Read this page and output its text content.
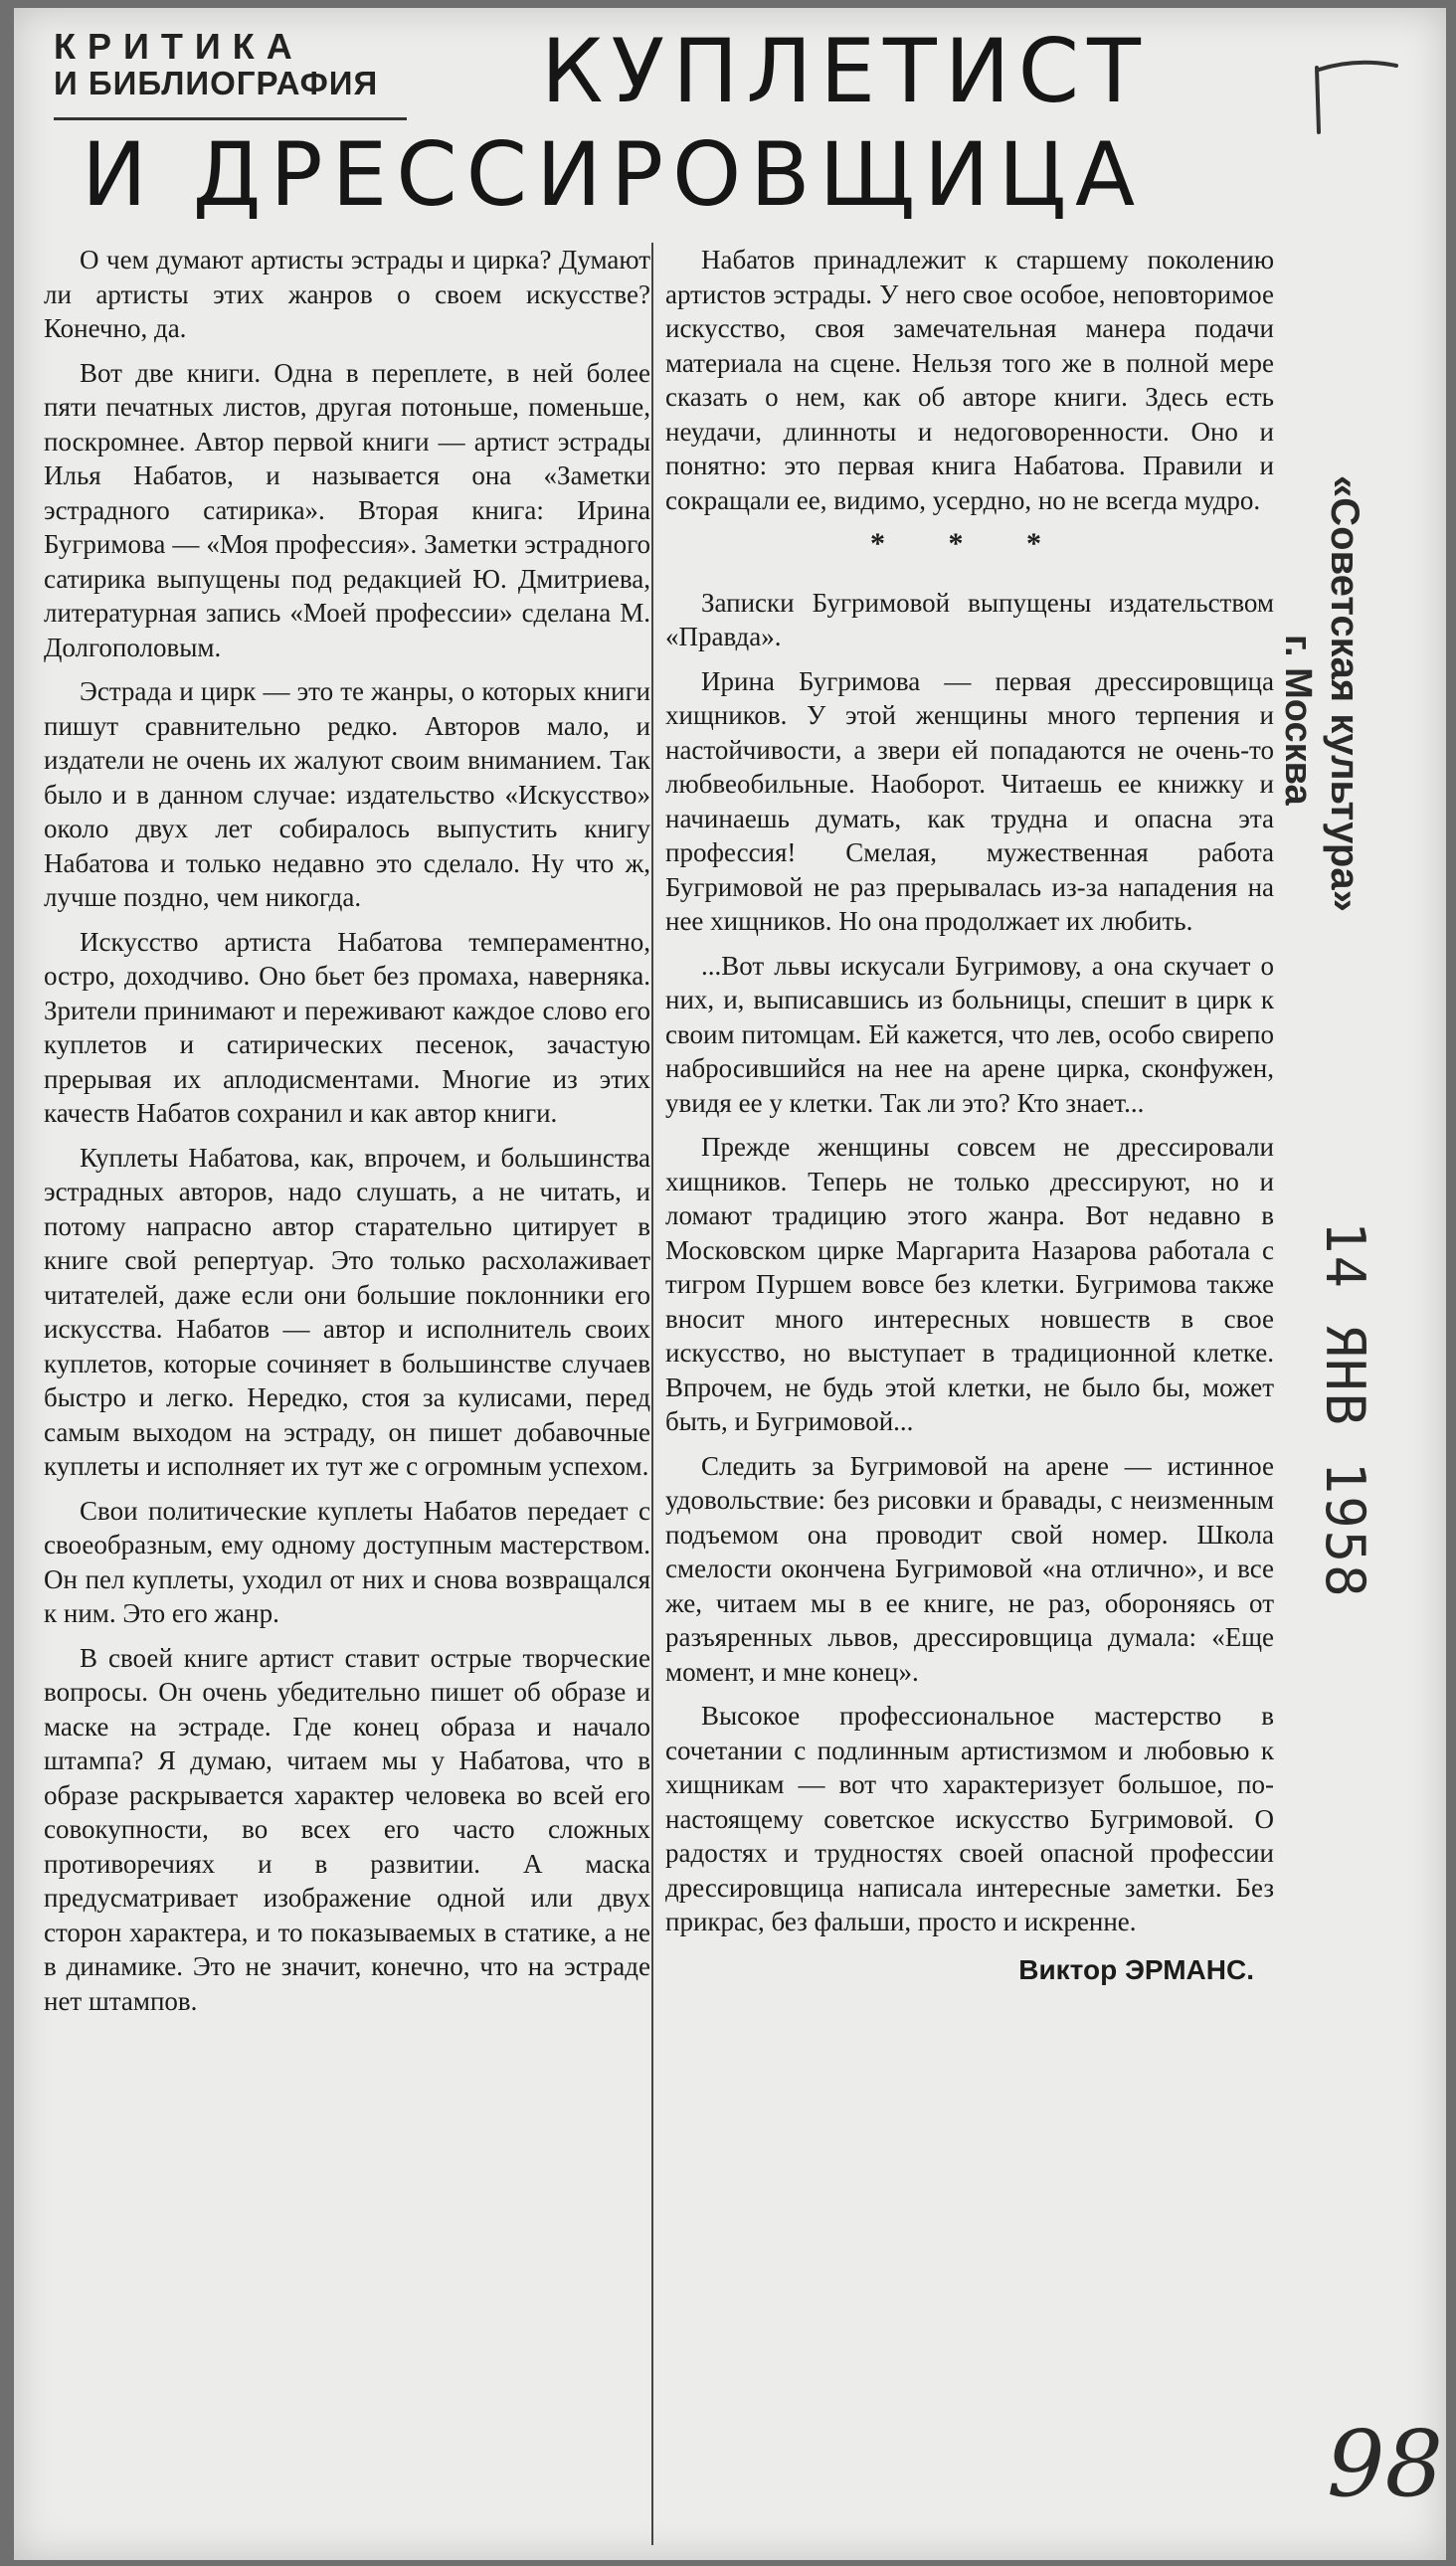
КРИТИКА
И БИБЛИОГРАФИЯ	КУПЛЕТИСТ
И ДРЕССИРОВЩИЦА

О чем думают артисты эстрады и цирка? Думают ли артисты этих жанров о своем искусстве? Конечно, да.

Вот две книги. Одна в переплете, в ней более пяти печатных листов, другая потоньше, поменьше, поскромнее. Автор первой книги — артист эстрады Илья Набатов, и называется она «Заметки эстрадного сатирика». Вторая книга: Ирина Бугримова — «Моя профессия». Заметки эстрадного сатирика выпущены под редакцией Ю. Дмитриева, литературная запись «Моей профессии» сделана М. Долгополовым.

Эстрада и цирк — это те жанры, о которых книги пишут сравнительно редко. Авторов мало, и издатели не очень их жалуют своим вниманием. Так было и в данном случае: издательство «Искусство» около двух лет собиралось выпустить книгу Набатова и только недавно это сделало. Ну что ж, лучше поздно, чем никогда.

Искусство артиста Набатова темпераментно, остро, доходчиво. Оно бьет без промаха, наверняка. Зрители принимают и переживают каждое слово его куплетов и сатирических песенок, зачастую прерывая их аплодисментами. Многие из этих качеств Набатов сохранил и как автор книги.

Куплеты Набатова, как, впрочем, и большинства эстрадных авторов, надо слушать, а не читать, и потому напрасно автор старательно цитирует в книге свой репертуар. Это только расхолаживает читателей, даже если они большие поклонники его искусства. Набатов — автор и исполнитель своих куплетов, которые сочиняет в большинстве случаев быстро и легко. Нередко, стоя за кулисами, перед самым выходом на эстраду, он пишет добавочные куплеты и исполняет их тут же с огромным успехом.

Свои политические куплеты Набатов передает с своеобразным, ему одному доступным мастерством. Он пел куплеты, уходил от них и снова возвращался к ним. Это его жанр.

В своей книге артист ставит острые творческие вопросы. Он очень убедительно пишет об образе и маске на эстраде. Где конец образа и начало штампа? Я думаю, читаем мы у Набатова, что в образе раскрывается характер человека во всей его совокупности, во всех его часто сложных противоречиях и в развитии. А маска предусматривает изображение одной или двух сторон характера, и то показываемых в статике, а не в динамике. Это не значит, конечно, что на эстраде нет штампов.

Набатов принадлежит к старшему поколению артистов эстрады. У него свое особое, неповторимое искусство, своя замечательная манера подачи материала на сцене. Нельзя того же в полной мере сказать о нем, как об авторе книги. Здесь есть неудачи, длинноты и недоговоренности. Оно и понятно: это первая книга Набатова. Правили и сокращали ее, видимо, усердно, но не всегда мудро.

* * *

Записки Бугримовой выпущены издательством «Правда».

Ирина Бугримова — первая дрессировщица хищников. У этой женщины много терпения и настойчивости, а звери ей попадаются не очень-то любвеобильные. Наоборот. Читаешь ее книжку и начинаешь думать, как трудна и опасна эта профессия! Смелая, мужественная работа Бугримовой не раз прерывалась из-за нападения на нее хищников. Но она продолжает их любить.

...Вот львы искусали Бугримову, а она скучает о них, и, выписавшись из больницы, спешит в цирк к своим питомцам. Ей кажется, что лев, особо свирепо набросившийся на нее на арене цирка, сконфужен, увидя ее у клетки. Так ли это? Кто знает...

Прежде женщины совсем не дрессировали хищников. Теперь не только дрессируют, но и ломают традицию этого жанра. Вот недавно в Московском цирке Маргарита Назарова работала с тигром Пуршем вовсе без клетки. Бугримова также вносит много интересных новшеств в свое искусство, но выступает в традиционной клетке. Впрочем, не будь этой клетки, не было бы, может быть, и Бугримовой...

Следить за Бугримовой на арене — истинное удовольствие: без рисовки и бравады, с неизменным подъемом она проводит свой номер. Школа смелости окончена Бугримовой «на отлично», и все же, читаем мы в ее книге, не раз, обороняясь от разъяренных львов, дрессировщица думала: «Еще момент, и мне конец».

Высокое профессиональное мастерство в сочетании с подлинным артистизмом и любовью к хищникам — вот что характеризует большое, по-настоящему советское искусство Бугримовой. О радостях и трудностях своей опасной профессии дрессировщица написала интересные заметки. Без прикрас, без фальши, просто и искренне.

Виктор ЭРМАНС.
5
«Советская культура»
г. Москва
14 ЯНВ 1958
98
